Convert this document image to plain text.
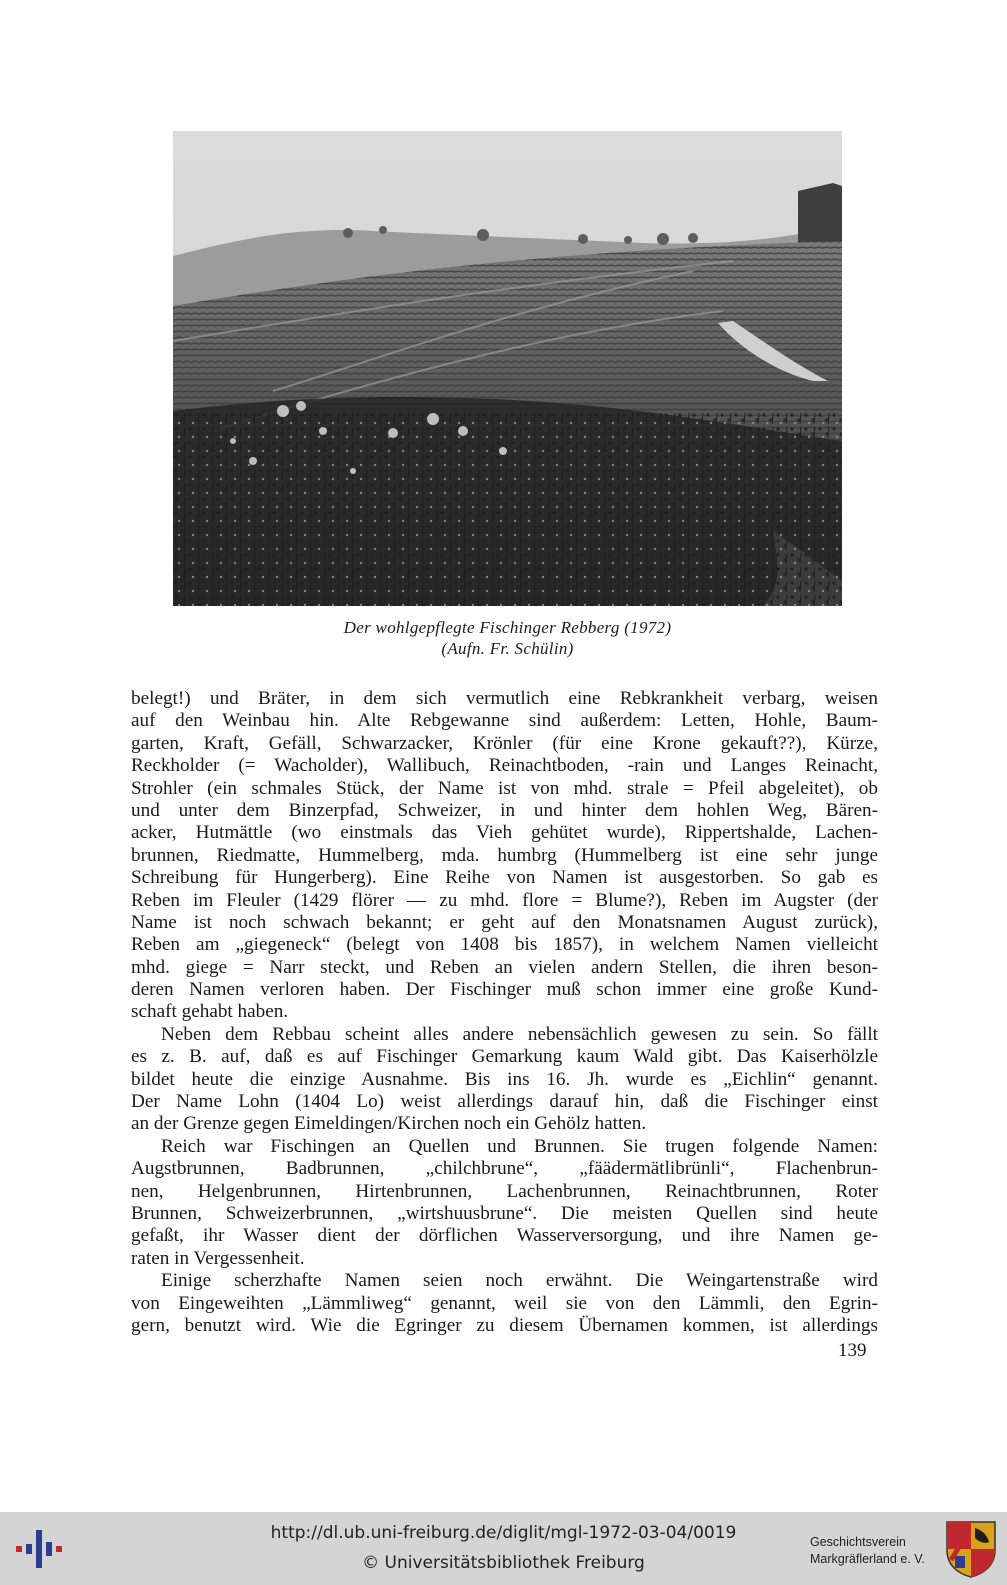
Der wohlgepflegte Fischinger Rebberg (1972)
(Aufn. Fr. Schülin)
belegt!) und Bräter, in dem sich vermutlich eine Rebkrankheit verbarg, weisen
auf den Weinbau hin. Alte Rebgewanne sind außerdem: Letten, Hohle, Baum-
garten, Kraft, Gefäll, Schwarzacker, Krönler (für eine Krone gekauft??), Kürze,
Reckholder (= Wacholder), Wallibuch, Reinachtboden, -rain und Langes Reinacht,
Strohler (ein schmales Stück, der Name ist von mhd. strale = Pfeil abgeleitet), ob
und unter dem Binzerpfad, Schweizer, in und hinter dem hohlen Weg, Bären-
acker, Hutmättle (wo einstmals das Vieh gehütet wurde), Rippertshalde, Lachen-
brunnen, Riedmatte, Hummelberg, mda. humbrg (Hummelberg ist eine sehr junge
Schreibung für Hungerberg). Eine Reihe von Namen ist ausgestorben. So gab es
Reben im Fleuler (1429 flörer — zu mhd. flore = Blume?), Reben im Augster (der
Name ist noch schwach bekannt; er geht auf den Monatsnamen August zurück),
Reben am „giegeneck“ (belegt von 1408 bis 1857), in welchem Namen vielleicht
mhd. giege = Narr steckt, und Reben an vielen andern Stellen, die ihren beson-
deren Namen verloren haben. Der Fischinger muß schon immer eine große Kund-
schaft gehabt haben.
Neben dem Rebbau scheint alles andere nebensächlich gewesen zu sein. So fällt
es z. B. auf, daß es auf Fischinger Gemarkung kaum Wald gibt. Das Kaiserhölzle
bildet heute die einzige Ausnahme. Bis ins 16. Jh. wurde es „Eichlin“ genannt.
Der Name Lohn (1404 Lo) weist allerdings darauf hin, daß die Fischinger einst
an der Grenze gegen Eimeldingen/Kirchen noch ein Gehölz hatten.
Reich war Fischingen an Quellen und Brunnen. Sie trugen folgende Namen:
Augstbrunnen, Badbrunnen, „chilchbrune“, „fäädermätlibrünli“, Flachenbrun-
nen, Helgenbrunnen, Hirtenbrunnen, Lachenbrunnen, Reinachtbrunnen, Roter
Brunnen, Schweizerbrunnen, „wirtshuusbrune“. Die meisten Quellen sind heute
gefaßt, ihr Wasser dient der dörflichen Wasserversorgung, und ihre Namen ge-
raten in Vergessenheit.
Einige scherzhafte Namen seien noch erwähnt. Die Weingartenstraße wird
von Eingeweihten „Lämmliweg“ genannt, weil sie von den Lämmli, den Egrin-
gern, benutzt wird. Wie die Egringer zu diesem Übernamen kommen, ist allerdings
139
http://dl.ub.uni-freiburg.de/diglit/mgl-1972-03-04/0019
© Universitätsbibliothek Freiburg
Geschichtsverein
Markgräflerland e. V.
